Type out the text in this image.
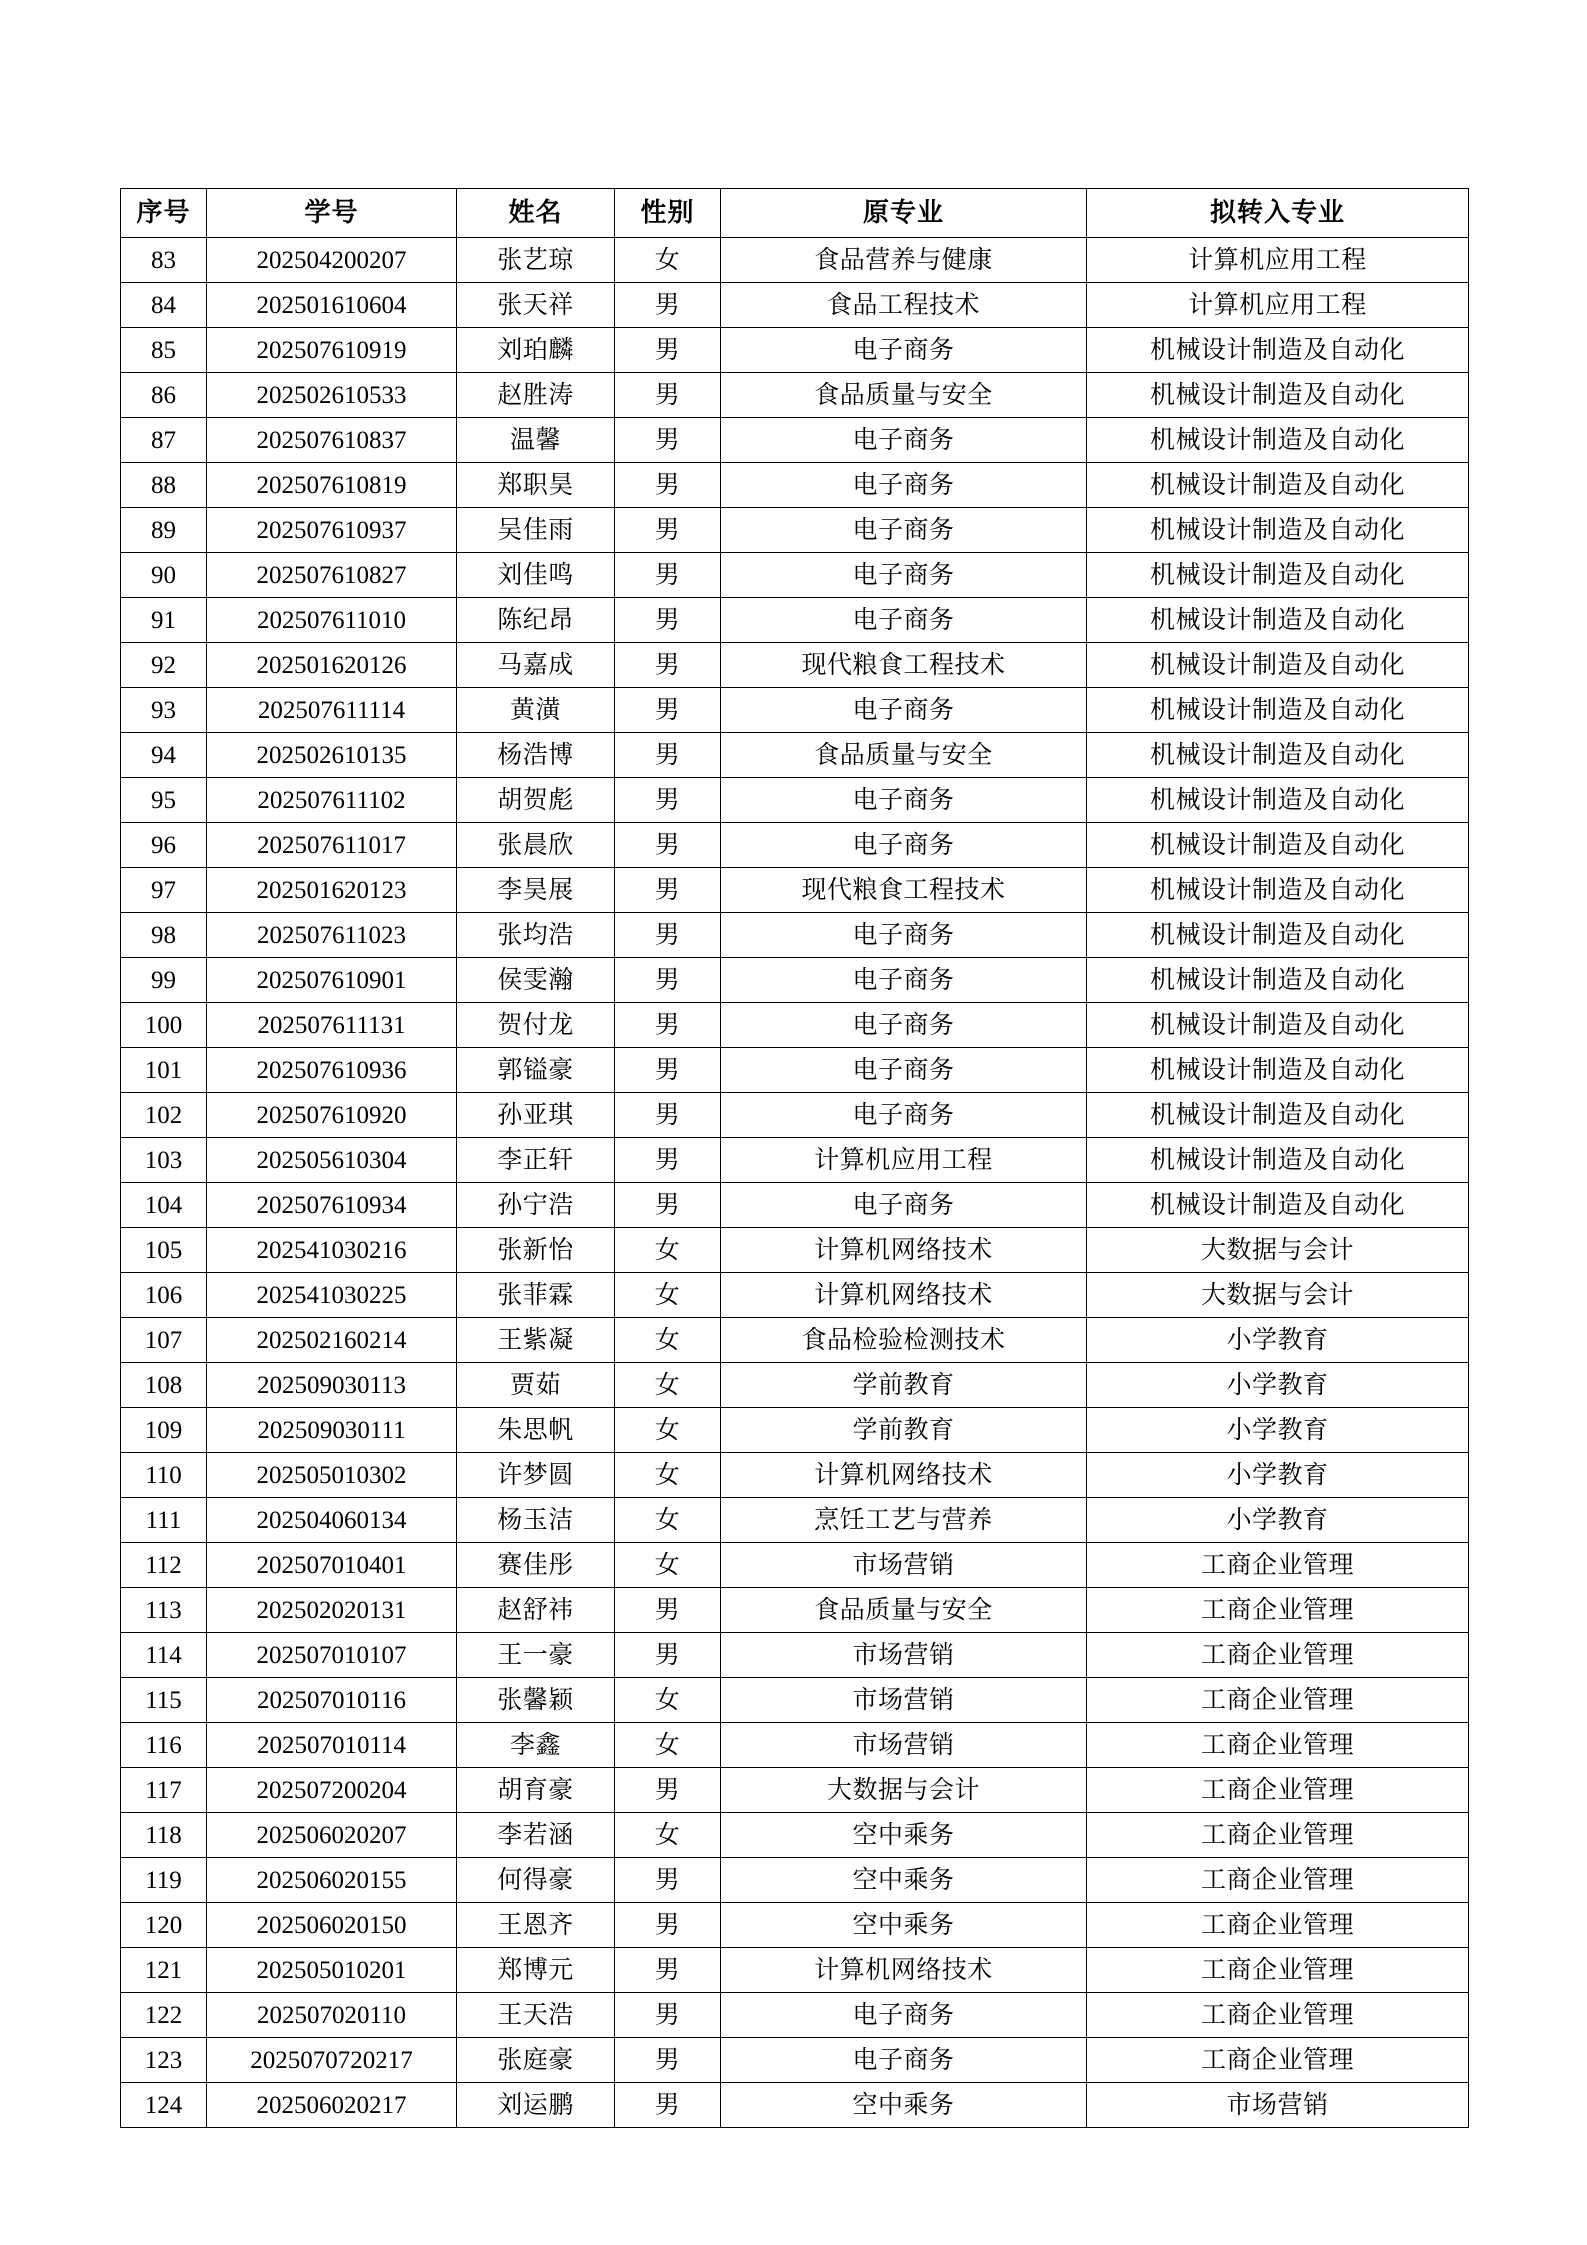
序号	学号	姓名	性别	原专业	拟转入专业
83	202504200207	张艺琼	女	食品营养与健康	计算机应用工程
84	202501610604	张天祥	男	食品工程技术	计算机应用工程
85	202507610919	刘珀麟	男	电子商务	机械设计制造及自动化
86	202502610533	赵胜涛	男	食品质量与安全	机械设计制造及自动化
87	202507610837	温馨	男	电子商务	机械设计制造及自动化
88	202507610819	郑职昊	男	电子商务	机械设计制造及自动化
89	202507610937	吴佳雨	男	电子商务	机械设计制造及自动化
90	202507610827	刘佳鸣	男	电子商务	机械设计制造及自动化
91	202507611010	陈纪昂	男	电子商务	机械设计制造及自动化
92	202501620126	马嘉成	男	现代粮食工程技术	机械设计制造及自动化
93	202507611114	黄潢	男	电子商务	机械设计制造及自动化
94	202502610135	杨浩博	男	食品质量与安全	机械设计制造及自动化
95	202507611102	胡贺彪	男	电子商务	机械设计制造及自动化
96	202507611017	张晨欣	男	电子商务	机械设计制造及自动化
97	202501620123	李昊展	男	现代粮食工程技术	机械设计制造及自动化
98	202507611023	张均浩	男	电子商务	机械设计制造及自动化
99	202507610901	侯雯瀚	男	电子商务	机械设计制造及自动化
100	202507611131	贺付龙	男	电子商务	机械设计制造及自动化
101	202507610936	郭镒豪	男	电子商务	机械设计制造及自动化
102	202507610920	孙亚琪	男	电子商务	机械设计制造及自动化
103	202505610304	李正轩	男	计算机应用工程	机械设计制造及自动化
104	202507610934	孙宁浩	男	电子商务	机械设计制造及自动化
105	202541030216	张新怡	女	计算机网络技术	大数据与会计
106	202541030225	张菲霖	女	计算机网络技术	大数据与会计
107	202502160214	王紫凝	女	食品检验检测技术	小学教育
108	202509030113	贾茹	女	学前教育	小学教育
109	202509030111	朱思帆	女	学前教育	小学教育
110	202505010302	许梦圆	女	计算机网络技术	小学教育
111	202504060134	杨玉洁	女	烹饪工艺与营养	小学教育
112	202507010401	赛佳彤	女	市场营销	工商企业管理
113	202502020131	赵舒祎	男	食品质量与安全	工商企业管理
114	202507010107	王一豪	男	市场营销	工商企业管理
115	202507010116	张馨颖	女	市场营销	工商企业管理
116	202507010114	李鑫	女	市场营销	工商企业管理
117	202507200204	胡育豪	男	大数据与会计	工商企业管理
118	202506020207	李若涵	女	空中乘务	工商企业管理
119	202506020155	何得豪	男	空中乘务	工商企业管理
120	202506020150	王恩齐	男	空中乘务	工商企业管理
121	202505010201	郑博元	男	计算机网络技术	工商企业管理
122	202507020110	王天浩	男	电子商务	工商企业管理
123	2025070720217	张庭豪	男	电子商务	工商企业管理
124	202506020217	刘运鹏	男	空中乘务	市场营销
